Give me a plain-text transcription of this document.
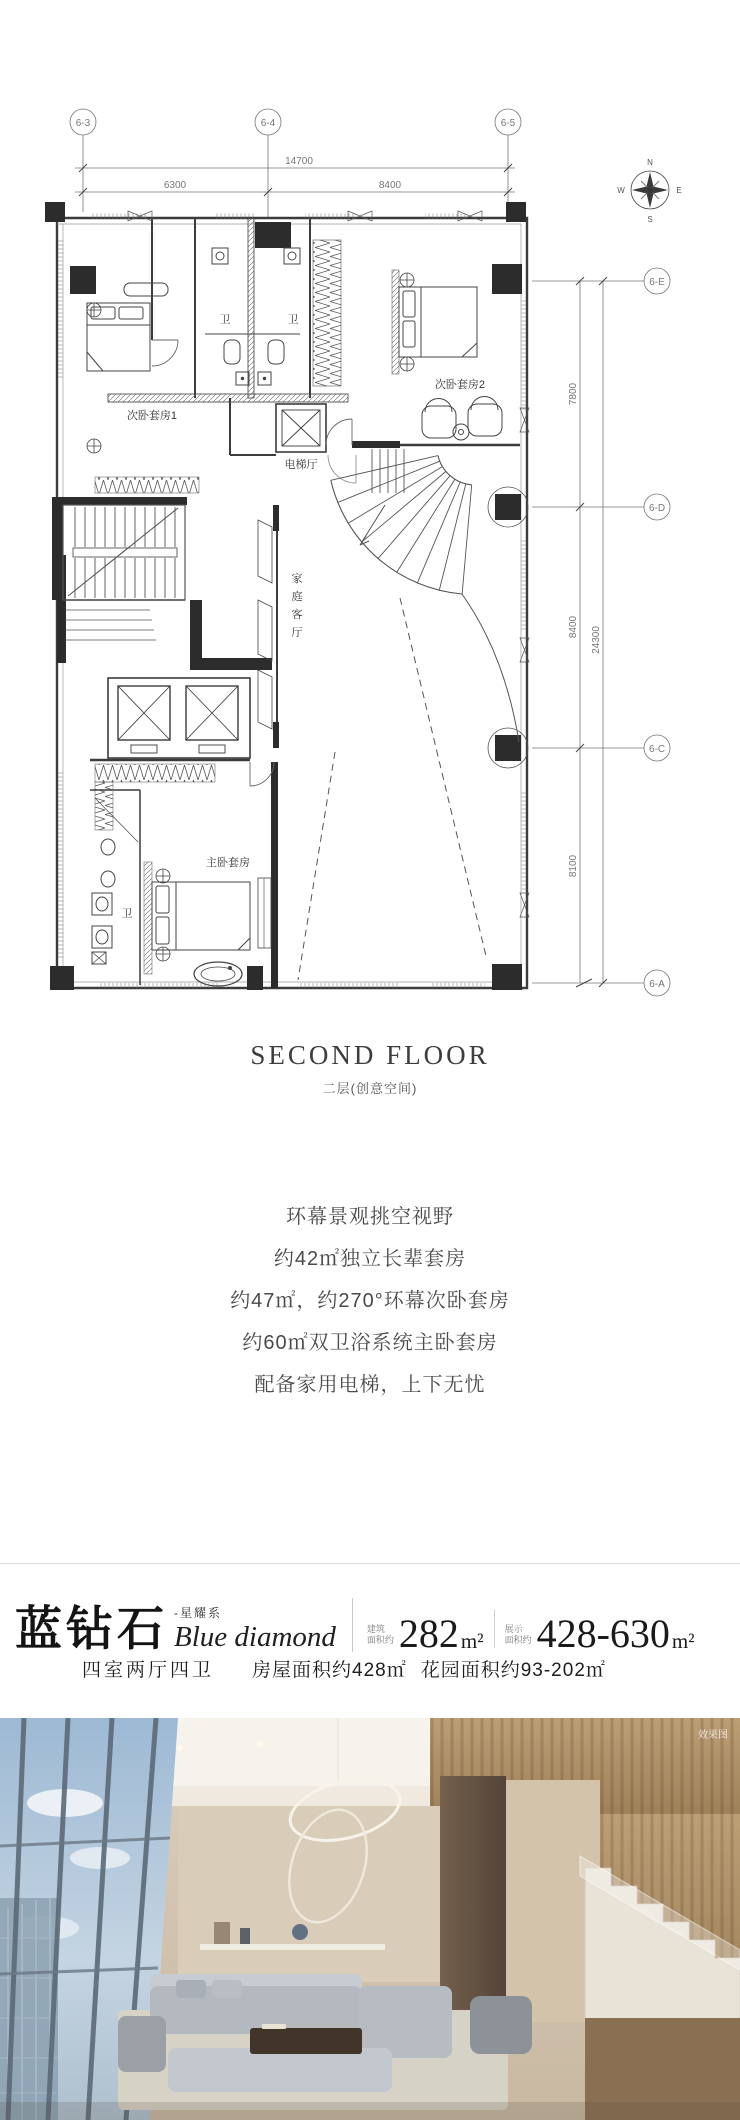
6-3	6-4	6-5
6-E
6-D
6-C
6-A
14700
6300	8400
7800
8400
8100
24300
N
E
S
W
次卧套房1
卫	卫
次卧套房2
电梯厅
主卧套房
卫
家
庭
客
厅
SECOND FLOOR
二层(创意空间)
环幕景观挑空视野
约42㎡独立长辈套房
约47㎡，约270°环幕次卧套房
约60㎡双卫浴系统主卧套房
配备家用电梯，上下无忧
蓝钻石 -星耀系
Blue diamond	建筑
面积约 282 m²
展示
面积约 428-630 m²
四室两厅四卫 房屋面积约428㎡ 花园面积约93-202㎡
效果图
